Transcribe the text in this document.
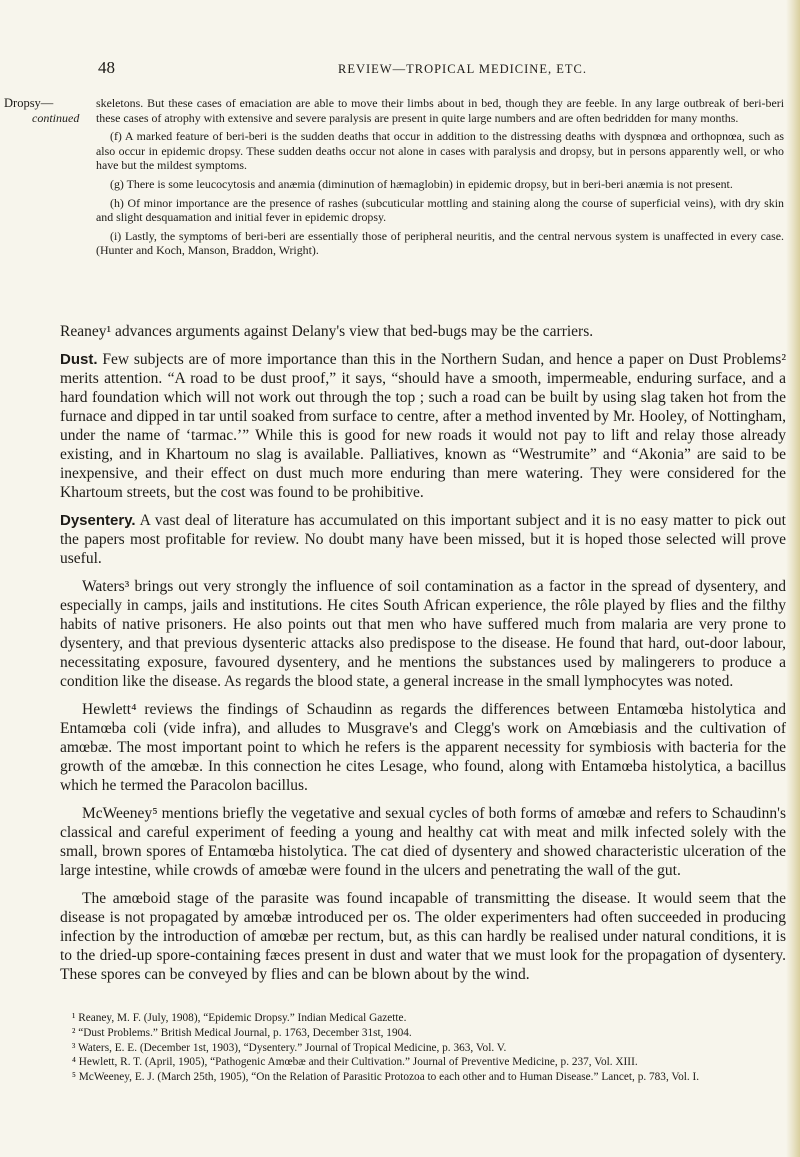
48	REVIEW—TROPICAL MEDICINE, ETC.
Dropsy—
continued

skeletons. But these cases of emaciation are able to move their limbs about in bed, though they are feeble. In any large outbreak of beri-beri these cases of atrophy with extensive and severe paralysis are present in quite large numbers and are often bedridden for many months.

(f) A marked feature of beri-beri is the sudden deaths that occur in addition to the distressing deaths with dyspnœa and orthopnœa, such as also occur in epidemic dropsy. These sudden deaths occur not alone in cases with paralysis and dropsy, but in persons apparently well, or who have but the mildest symptoms.

(g) There is some leucocytosis and anæmia (diminution of hæmaglobin) in epidemic dropsy, but in beri-beri anæmia is not present.

(h) Of minor importance are the presence of rashes (subcuticular mottling and staining along the course of superficial veins), with dry skin and slight desquamation and initial fever in epidemic dropsy.

(i) Lastly, the symptoms of beri-beri are essentially those of peripheral neuritis, and the central nervous system is unaffected in every case. (Hunter and Koch, Manson, Braddon, Wright).

Reaney¹ advances arguments against Delany's view that bed-bugs may be the carriers.

Dust. Few subjects are of more importance than this in the Northern Sudan, and hence a paper on Dust Problems² merits attention. “A road to be dust proof,” it says, “should have a smooth, impermeable, enduring surface, and a hard foundation which will not work out through the top ; such a road can be built by using slag taken hot from the furnace and dipped in tar until soaked from surface to centre, after a method invented by Mr. Hooley, of Nottingham, under the name of ‘tarmac.’” While this is good for new roads it would not pay to lift and relay those already existing, and in Khartoum no slag is available. Palliatives, known as “Westrumite” and “Akonia” are said to be inexpensive, and their effect on dust much more enduring than mere watering. They were considered for the Khartoum streets, but the cost was found to be prohibitive.

Dysentery. A vast deal of literature has accumulated on this important subject and it is no easy matter to pick out the papers most profitable for review. No doubt many have been missed, but it is hoped those selected will prove useful.

Waters³ brings out very strongly the influence of soil contamination as a factor in the spread of dysentery, and especially in camps, jails and institutions. He cites South African experience, the rôle played by flies and the filthy habits of native prisoners. He also points out that men who have suffered much from malaria are very prone to dysentery, and that previous dysenteric attacks also predispose to the disease. He found that hard, out-door labour, necessitating exposure, favoured dysentery, and he mentions the substances used by malingerers to produce a condition like the disease. As regards the blood state, a general increase in the small lymphocytes was noted.

Hewlett⁴ reviews the findings of Schaudinn as regards the differences between Entamœba histolytica and Entamœba coli (vide infra), and alludes to Musgrave's and Clegg's work on Amœbiasis and the cultivation of amœbæ. The most important point to which he refers is the apparent necessity for symbiosis with bacteria for the growth of the amœbæ. In this connection he cites Lesage, who found, along with Entamœba histolytica, a bacillus which he termed the Paracolon bacillus.

McWeeney⁵ mentions briefly the vegetative and sexual cycles of both forms of amœbæ and refers to Schaudinn's classical and careful experiment of feeding a young and healthy cat with meat and milk infected solely with the small, brown spores of Entamœba histolytica. The cat died of dysentery and showed characteristic ulceration of the large intestine, while crowds of amœbæ were found in the ulcers and penetrating the wall of the gut.

The amœboid stage of the parasite was found incapable of transmitting the disease. It would seem that the disease is not propagated by amœbæ introduced per os. The older experimenters had often succeeded in producing infection by the introduction of amœbæ per rectum, but, as this can hardly be realised under natural conditions, it is to the dried-up spore-containing fæces present in dust and water that we must look for the propagation of dysentery. These spores can be conveyed by flies and can be blown about by the wind.

¹ Reaney, M. F. (July, 1908), “Epidemic Dropsy.” Indian Medical Gazette.

² “Dust Problems.” British Medical Journal, p. 1763, December 31st, 1904.

³ Waters, E. E. (December 1st, 1903), “Dysentery.” Journal of Tropical Medicine, p. 363, Vol. V.

⁴ Hewlett, R. T. (April, 1905), “Pathogenic Amœbæ and their Cultivation.” Journal of Preventive Medicine, p. 237, Vol. XIII.

⁵ McWeeney, E. J. (March 25th, 1905), “On the Relation of Parasitic Protozoa to each other and to Human Disease.” Lancet, p. 783, Vol. I.
